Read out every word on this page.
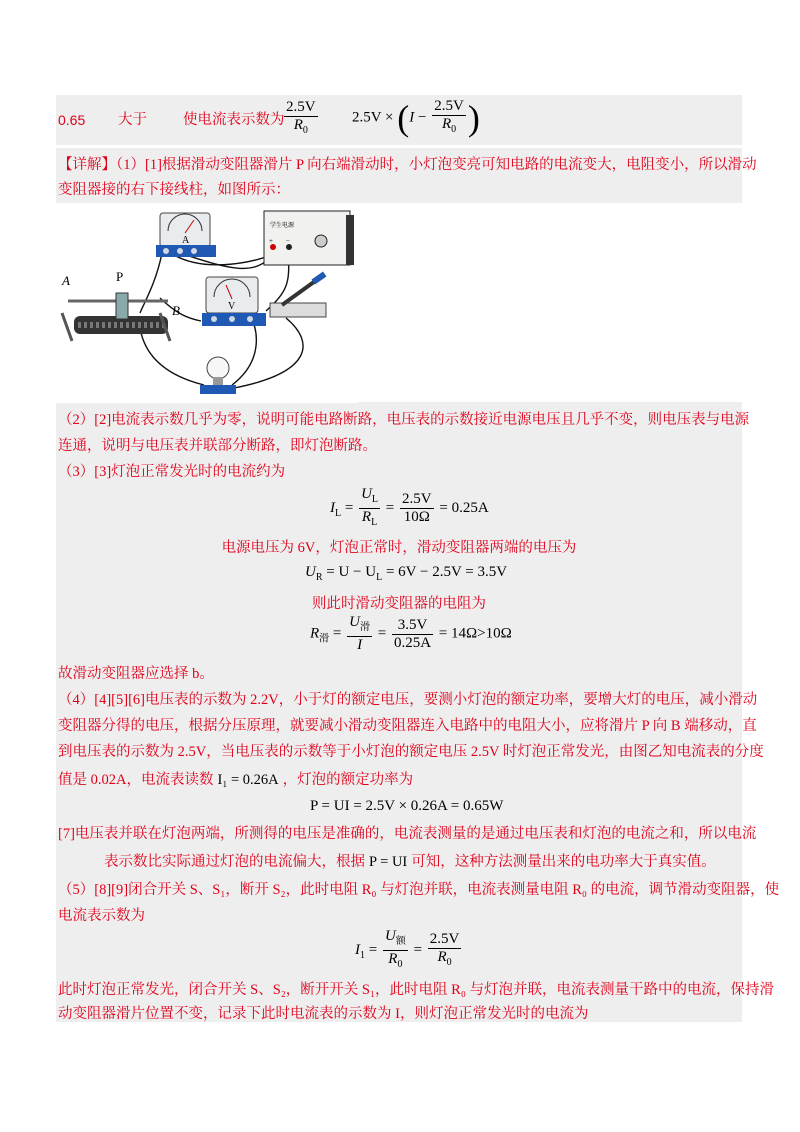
0.65 大于 使电流表示数为 $\frac{2.5V}{R_0} 2.5V \times (I - \frac{2.5V}{R_0}$ )
【详解】（1）[1]根据滑动变阻器滑片 P 向右端滑动时，小灯泡变亮可知电路的电流变大，电阻变小，所以滑动
变阻器接的右下接线柱，如图所示：
A
学生电源
+ −
A	P
B	V
（2）[2]电流表示数几乎为零，说明可能电路断路，电压表的示数接近电源电压且几乎不变，则电压表与电源
连通，说明与电压表并联部分断路，即灯泡断路。
（3）[3]灯泡正常发光时的电流约为
$I_L = \frac{U_L}{R_L} = \frac{2.5V}{10\Omega} = 0.25A$
电源电压为 6V，灯泡正常时，滑动变阻器两端的电压为
$U_R = U - U_L = 6V - 2.5V = 3.5V$
则此时滑动变阻器的电阻为
$R_滑 = \frac{U_滑}{I} = \frac{3.5V}{0.25A} = 14\Omega>10\Omega$
故滑动变阻器应选择 b。
（4）[4][5][6]电压表的示数为 2.2V，小于灯的额定电压，要测小灯泡的额定功率，要增大灯的电压，减小滑动
变阻器分得的电压，根据分压原理，就要减小滑动变阻器连入电路中的电阻大小，应将滑片 P 向 B 端移动，直
到电压表的示数为 2.5V，当电压表的示数等于小灯泡的额定电压 2.5V 时灯泡正常发光，由图乙知电流表的分度
值是 0.02A，电流表读数 I₁ = 0.26A ，灯泡的额定功率为
P = UI = 2.5V × 0.26A = 0.65W
[7]电压表并联在灯泡两端，所测得的电压是准确的，电流表测量的是通过电压表和灯泡的电流之和，所以电流
表示数比实际通过灯泡的电流偏大，根据 P = UI 可知，这种方法测量出来的电功率大于真实值。
（5）[8][9]闭合开关 S、S₁，断开 S₂，此时电阻 R₀ 与灯泡并联，电流表测量电阻 R₀ 的电流，调节滑动变阻器，使
电流表示数为
$I_1 = \frac{U_额}{R_0} = \frac{2.5V}{R_0}$
此时灯泡正常发光，闭合开关 S、S₂，断开开关 S₁，此时电阻 R₀ 与灯泡并联，电流表测量干路中的电流，保持滑
动变阻器滑片位置不变，记录下此时电流表的示数为 I，则灯泡正常发光时的电流为
